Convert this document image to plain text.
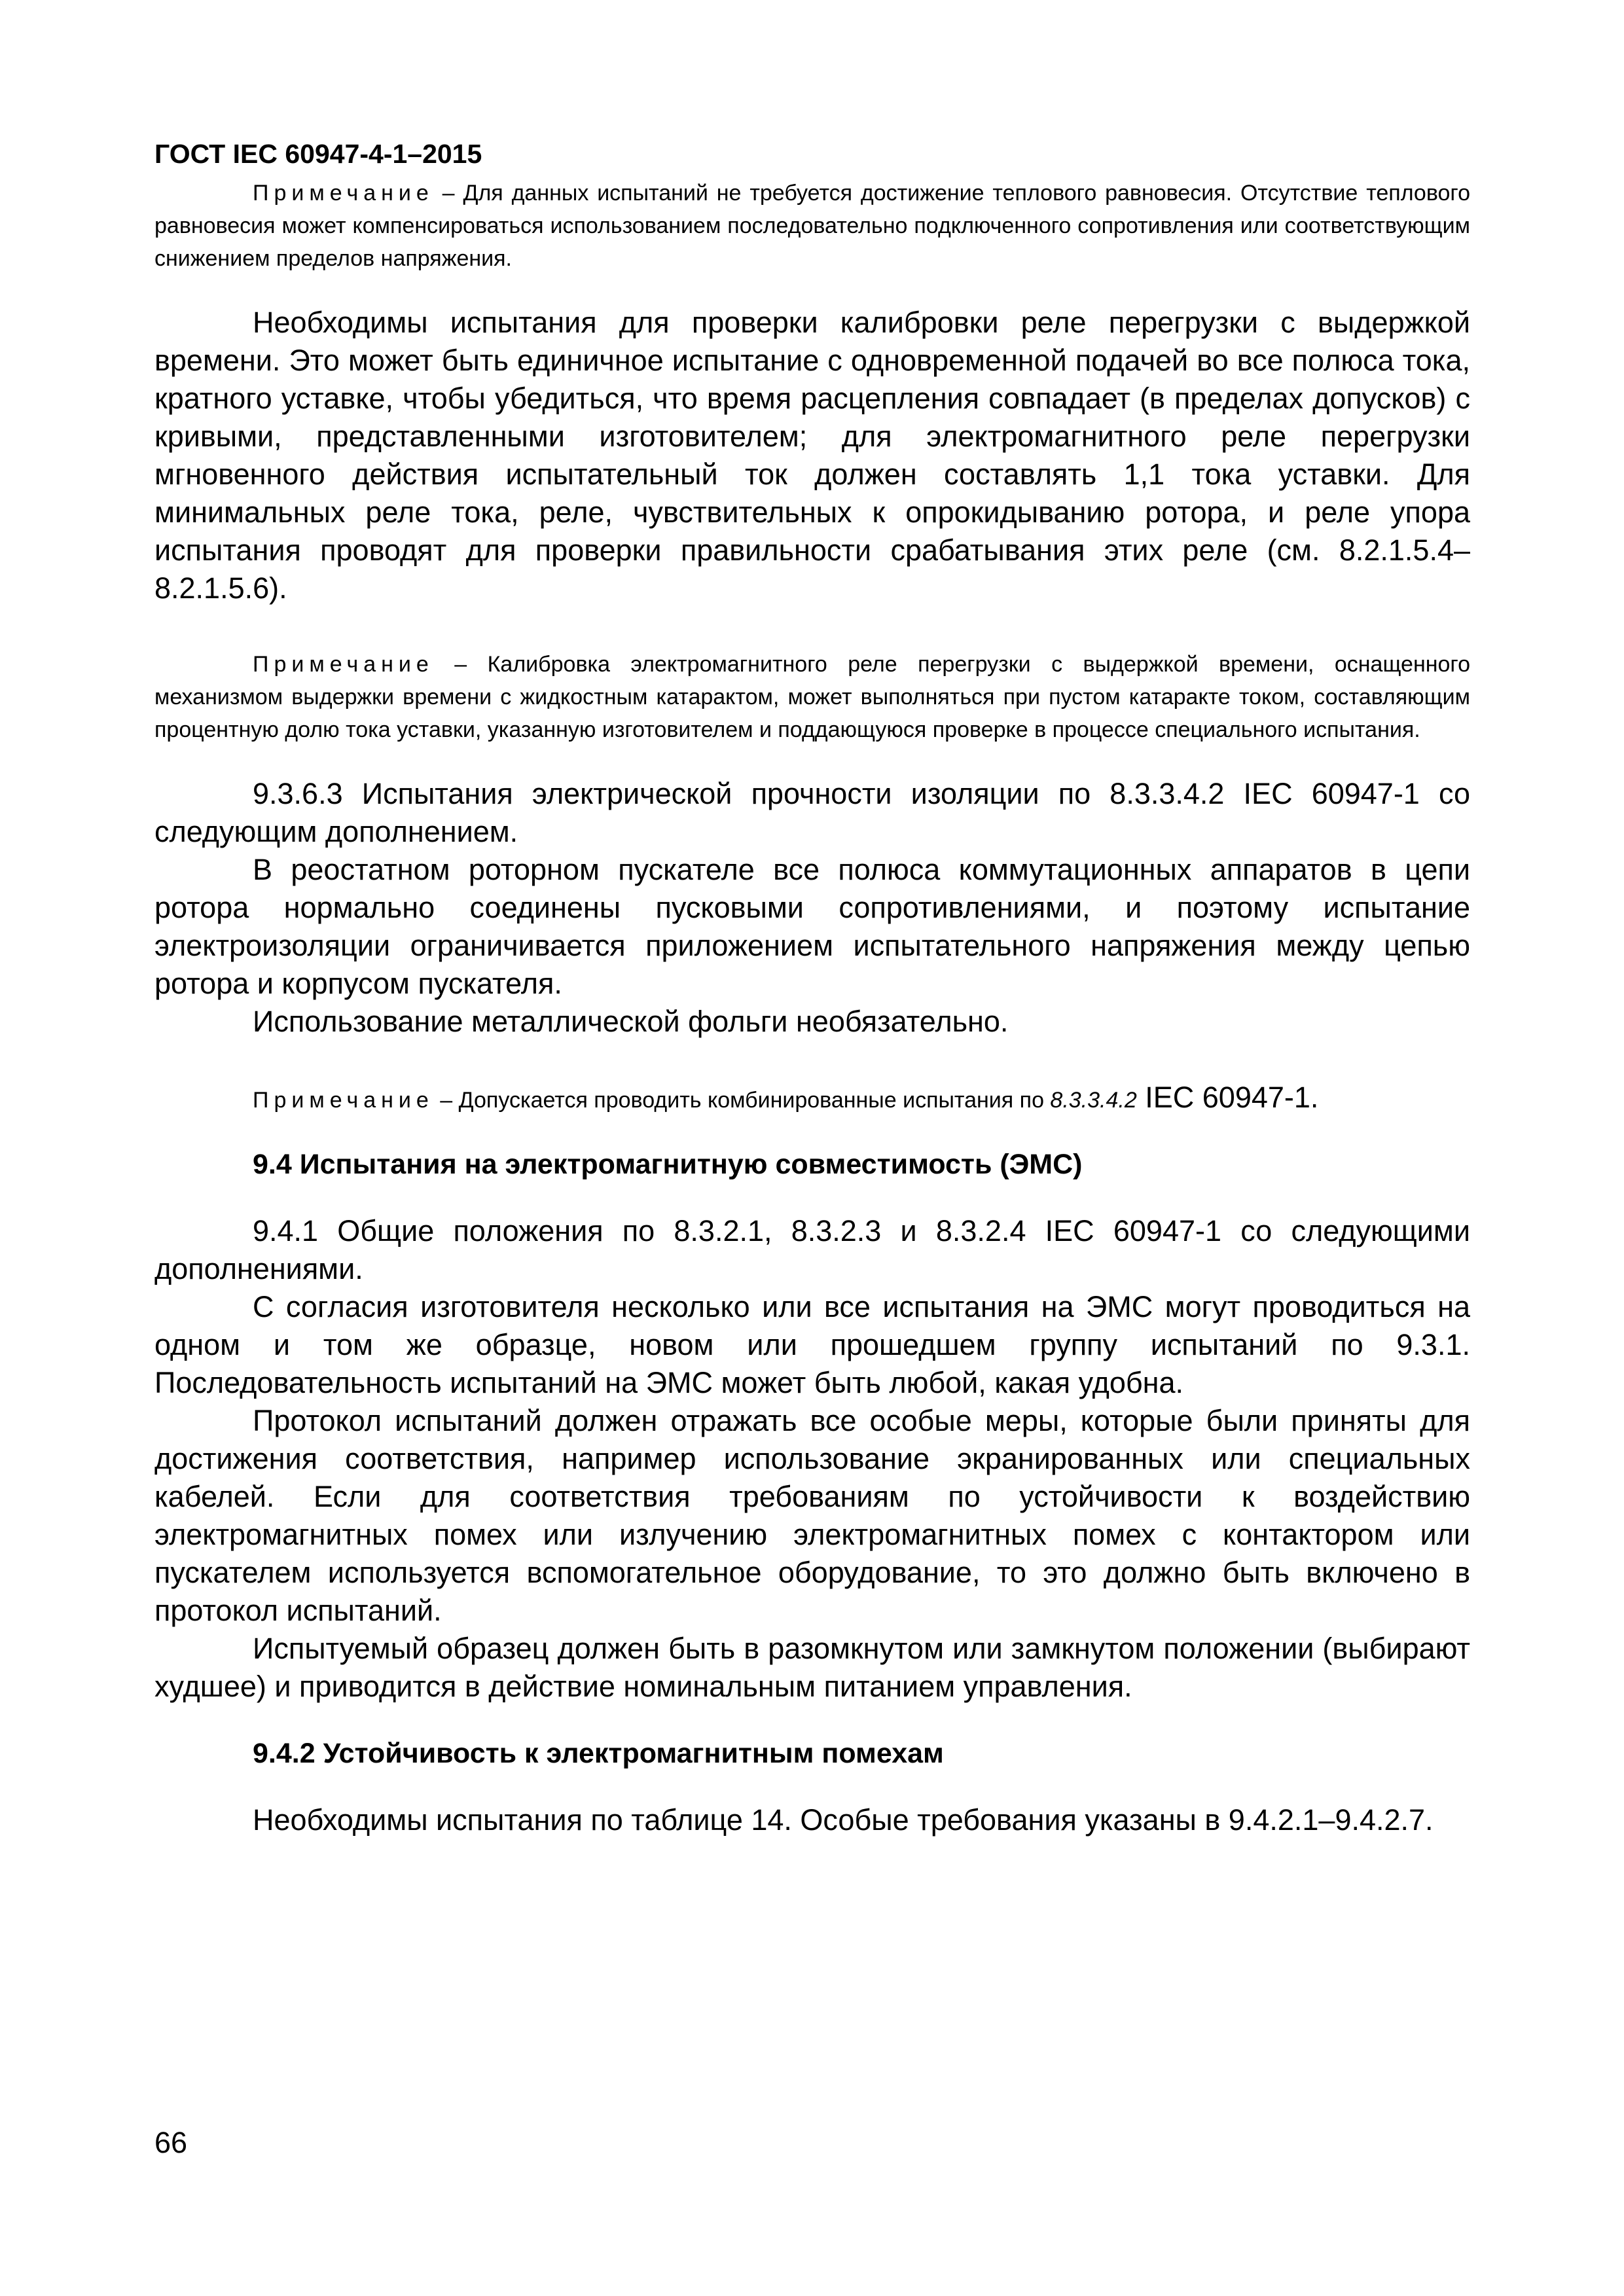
ГОСТ IEC 60947-4-1–2015

Примечание – Для данных испытаний не требуется достижение теплового равновесия. Отсутствие теплового равновесия может компенсироваться использованием последовательно подключенного сопротивления или соответствующим снижением пределов напряжения.

Необходимы испытания для проверки калибровки реле перегрузки с выдержкой времени. Это может быть единичное испытание с одновременной подачей во все полюса тока, кратного уставке, чтобы убедиться, что время расцепления совпадает (в пределах допусков) с кривыми, представленными изготовителем; для электромагнитного реле перегрузки мгновенного действия испытательный ток должен составлять 1,1 тока уставки. Для минимальных реле тока, реле, чувствительных к опрокидыванию ротора, и реле упора испытания проводят для проверки правильности срабатывания этих реле (см. 8.2.1.5.4–8.2.1.5.6).

Примечание – Калибровка электромагнитного реле перегрузки с выдержкой времени, оснащенного механизмом выдержки времени с жидкостным катарактом, может выполняться при пустом катаракте током, составляющим процентную долю тока уставки, указанную изготовителем и поддающуюся проверке в процессе специального испытания.

9.3.6.3 Испытания электрической прочности изоляции по 8.3.3.4.2 IEC 60947-1 со следующим дополнением.

В реостатном роторном пускателе все полюса коммутационных аппаратов в цепи ротора нормально соединены пусковыми сопротивлениями, и поэтому испытание электроизоляции ограничивается приложением испытательного напряжения между цепью ротора и корпусом пускателя.

Использование металлической фольги необязательно.

Примечание – Допускается проводить комбинированные испытания по 8.3.3.4.2 IEC 60947-1.

9.4 Испытания на электромагнитную совместимость (ЭМС)

9.4.1 Общие положения по 8.3.2.1, 8.3.2.3 и 8.3.2.4 IEC 60947-1 со следующими дополнениями.

С согласия изготовителя несколько или все испытания на ЭМС могут проводиться на одном и том же образце, новом или прошедшем группу испытаний по 9.3.1. Последовательность испытаний на ЭМС может быть любой, какая удобна.

Протокол испытаний должен отражать все особые меры, которые были приняты для достижения соответствия, например использование экранированных или специальных кабелей. Если для соответствия требованиям по устойчивости к воздействию электромагнитных помех или излучению электромагнитных помех с контактором или пускателем используется вспомогательное оборудование, то это должно быть включено в протокол испытаний.

Испытуемый образец должен быть в разомкнутом или замкнутом положении (выбирают худшее) и приводится в действие номинальным питанием управления.

9.4.2 Устойчивость к электромагнитным помехам

Необходимы испытания по таблице 14. Особые требования указаны в 9.4.2.1–9.4.2.7.

66
